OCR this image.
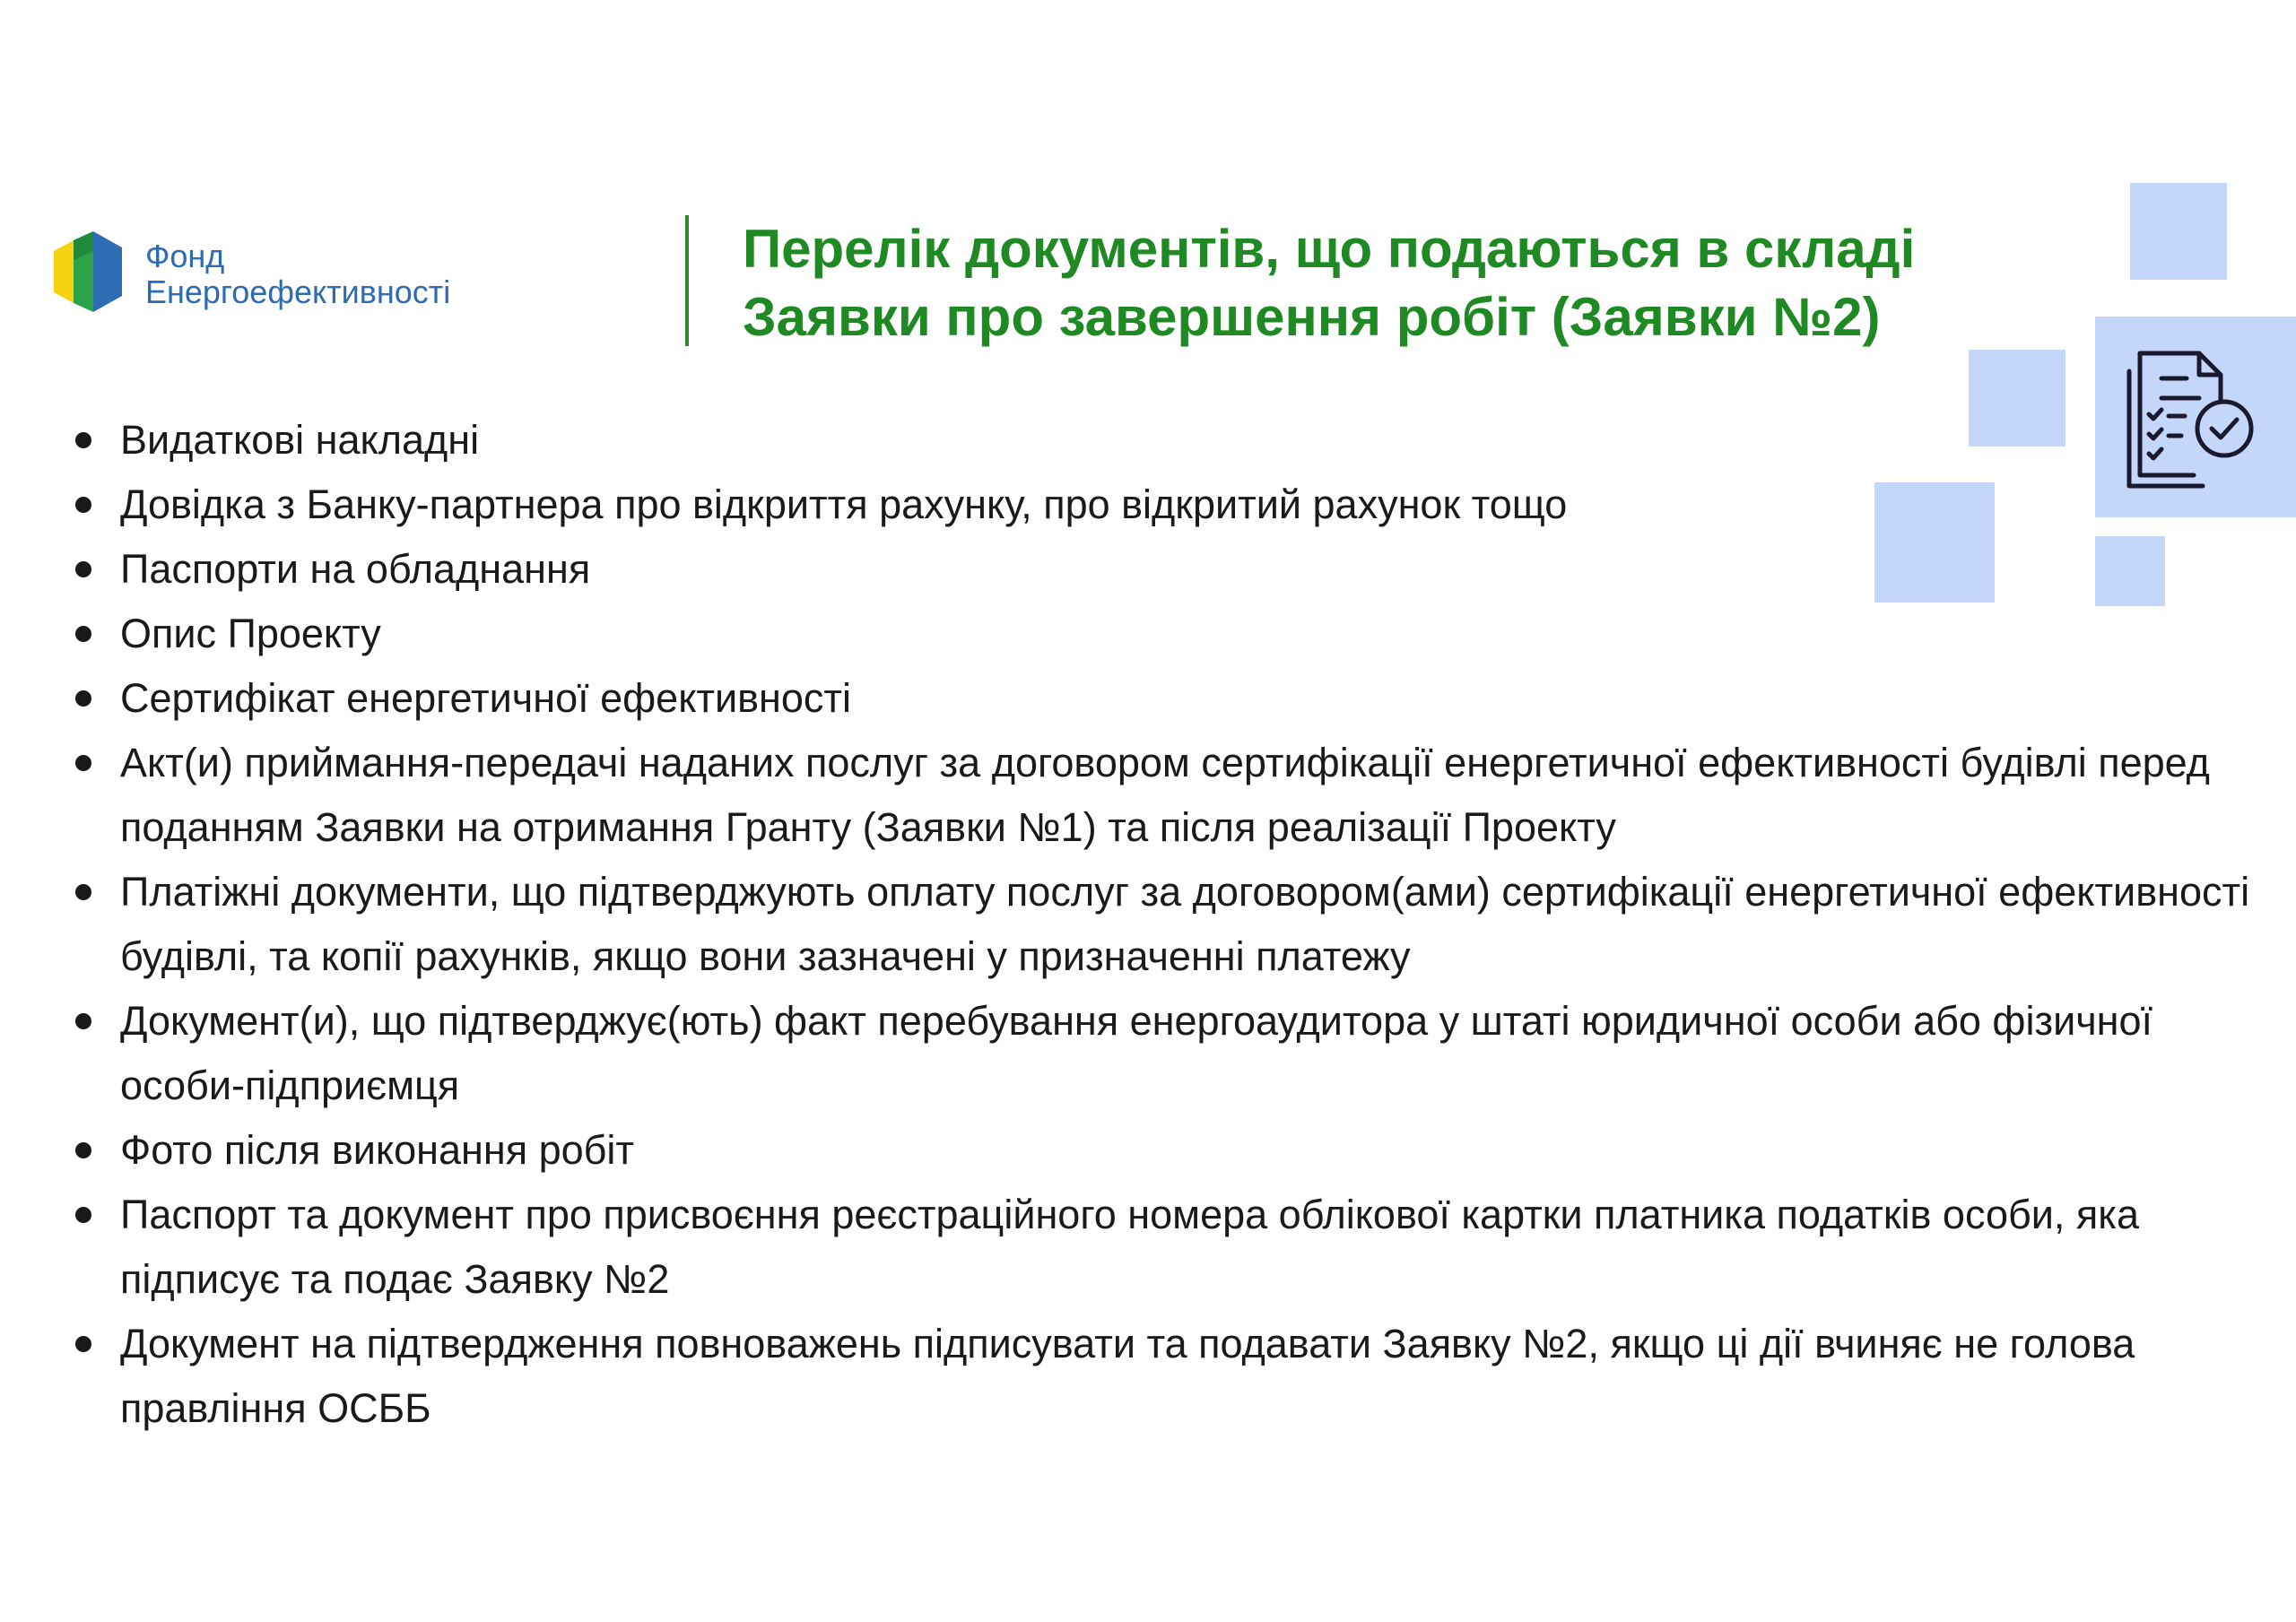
Фонд
Енергоефективності
Перелік документів, що подаються в складі
Заявки про завершення робіт (Заявки №2)
Видаткові накладні
Довідка з Банку-партнера про відкриття рахунку, про відкритий рахунок тощо
Паспорти на обладнання
Опис Проекту
Сертифікат енергетичної ефективності
Акт(и) приймання-передачі наданих послуг за договором сертифікації енергетичної ефективності будівлі перед поданням Заявки на отримання Гранту (Заявки №1) та після реалізації Проекту
Платіжні документи, що підтверджують оплату послуг за договором(ами) сертифікації енергетичної ефективності будівлі, та копії рахунків, якщо вони зазначені у призначенні платежу
Документ(и), що підтверджує(ють) факт перебування енергоаудитора у штаті юридичної особи або фізичної особи-підприємця
Фото після виконання робіт
Паспорт та документ про присвоєння реєстраційного номера облікової картки платника податків особи, яка підписує та подає Заявку №2
Документ на підтвердження повноважень підписувати та подавати Заявку №2, якщо ці дії вчиняє не голова правління ОСББ
